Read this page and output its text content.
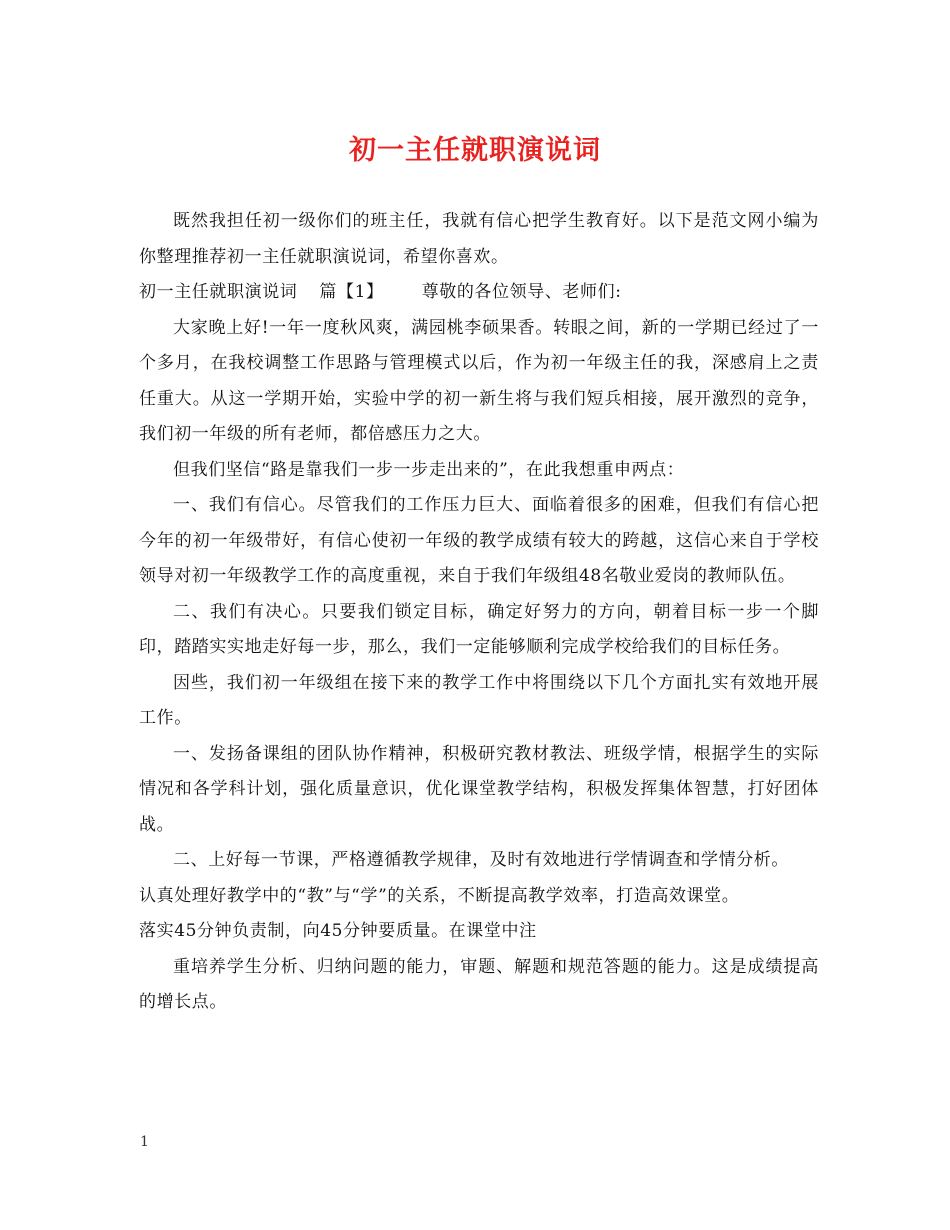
初一主任就职演说词

既然我担任初一级你们的班主任，我就有信心把学生教育好。以下是范文网小编为你整理推荐初一主任就职演说词，希望你喜欢。

初一主任就职演说词 篇【1】 尊敬的各位领导、老师们:

大家晚上好!一年一度秋风爽，满园桃李硕果香。转眼之间，新的一学期已经过了一个多月，在我校调整工作思路与管理模式以后，作为初一年级主任的我，深感肩上之责任重大。从这一学期开始，实验中学的初一新生将与我们短兵相接，展开激烈的竞争，我们初一年级的所有老师，都倍感压力之大。

但我们坚信“路是靠我们一步一步走出来的”，在此我想重申两点：

一、我们有信心。尽管我们的工作压力巨大、面临着很多的困难，但我们有信心把今年的初一年级带好，有信心使初一年级的教学成绩有较大的跨越，这信心来自于学校领导对初一年级教学工作的高度重视，来自于我们年级组48名敬业爱岗的教师队伍。

二、我们有决心。只要我们锁定目标，确定好努力的方向，朝着目标一步一个脚印，踏踏实实地走好每一步，那么，我们一定能够顺利完成学校给我们的目标任务。

因些，我们初一年级组在接下来的教学工作中将围绕以下几个方面扎实有效地开展工作。

一、发扬备课组的团队协作精神，积极研究教材教法、班级学情，根据学生的实际情况和各学科计划，强化质量意识，优化课堂教学结构，积极发挥集体智慧，打好团体战。

二、上好每一节课，严格遵循教学规律，及时有效地进行学情调查和学情分析。
认真处理好教学中的“教”与“学”的关系，不断提高教学效率，打造高效课堂。
落实45分钟负责制，向45分钟要质量。在课堂中注

重培养学生分析、归纳问题的能力，审题、解题和规范答题的能力。这是成绩提高的增长点。

1
